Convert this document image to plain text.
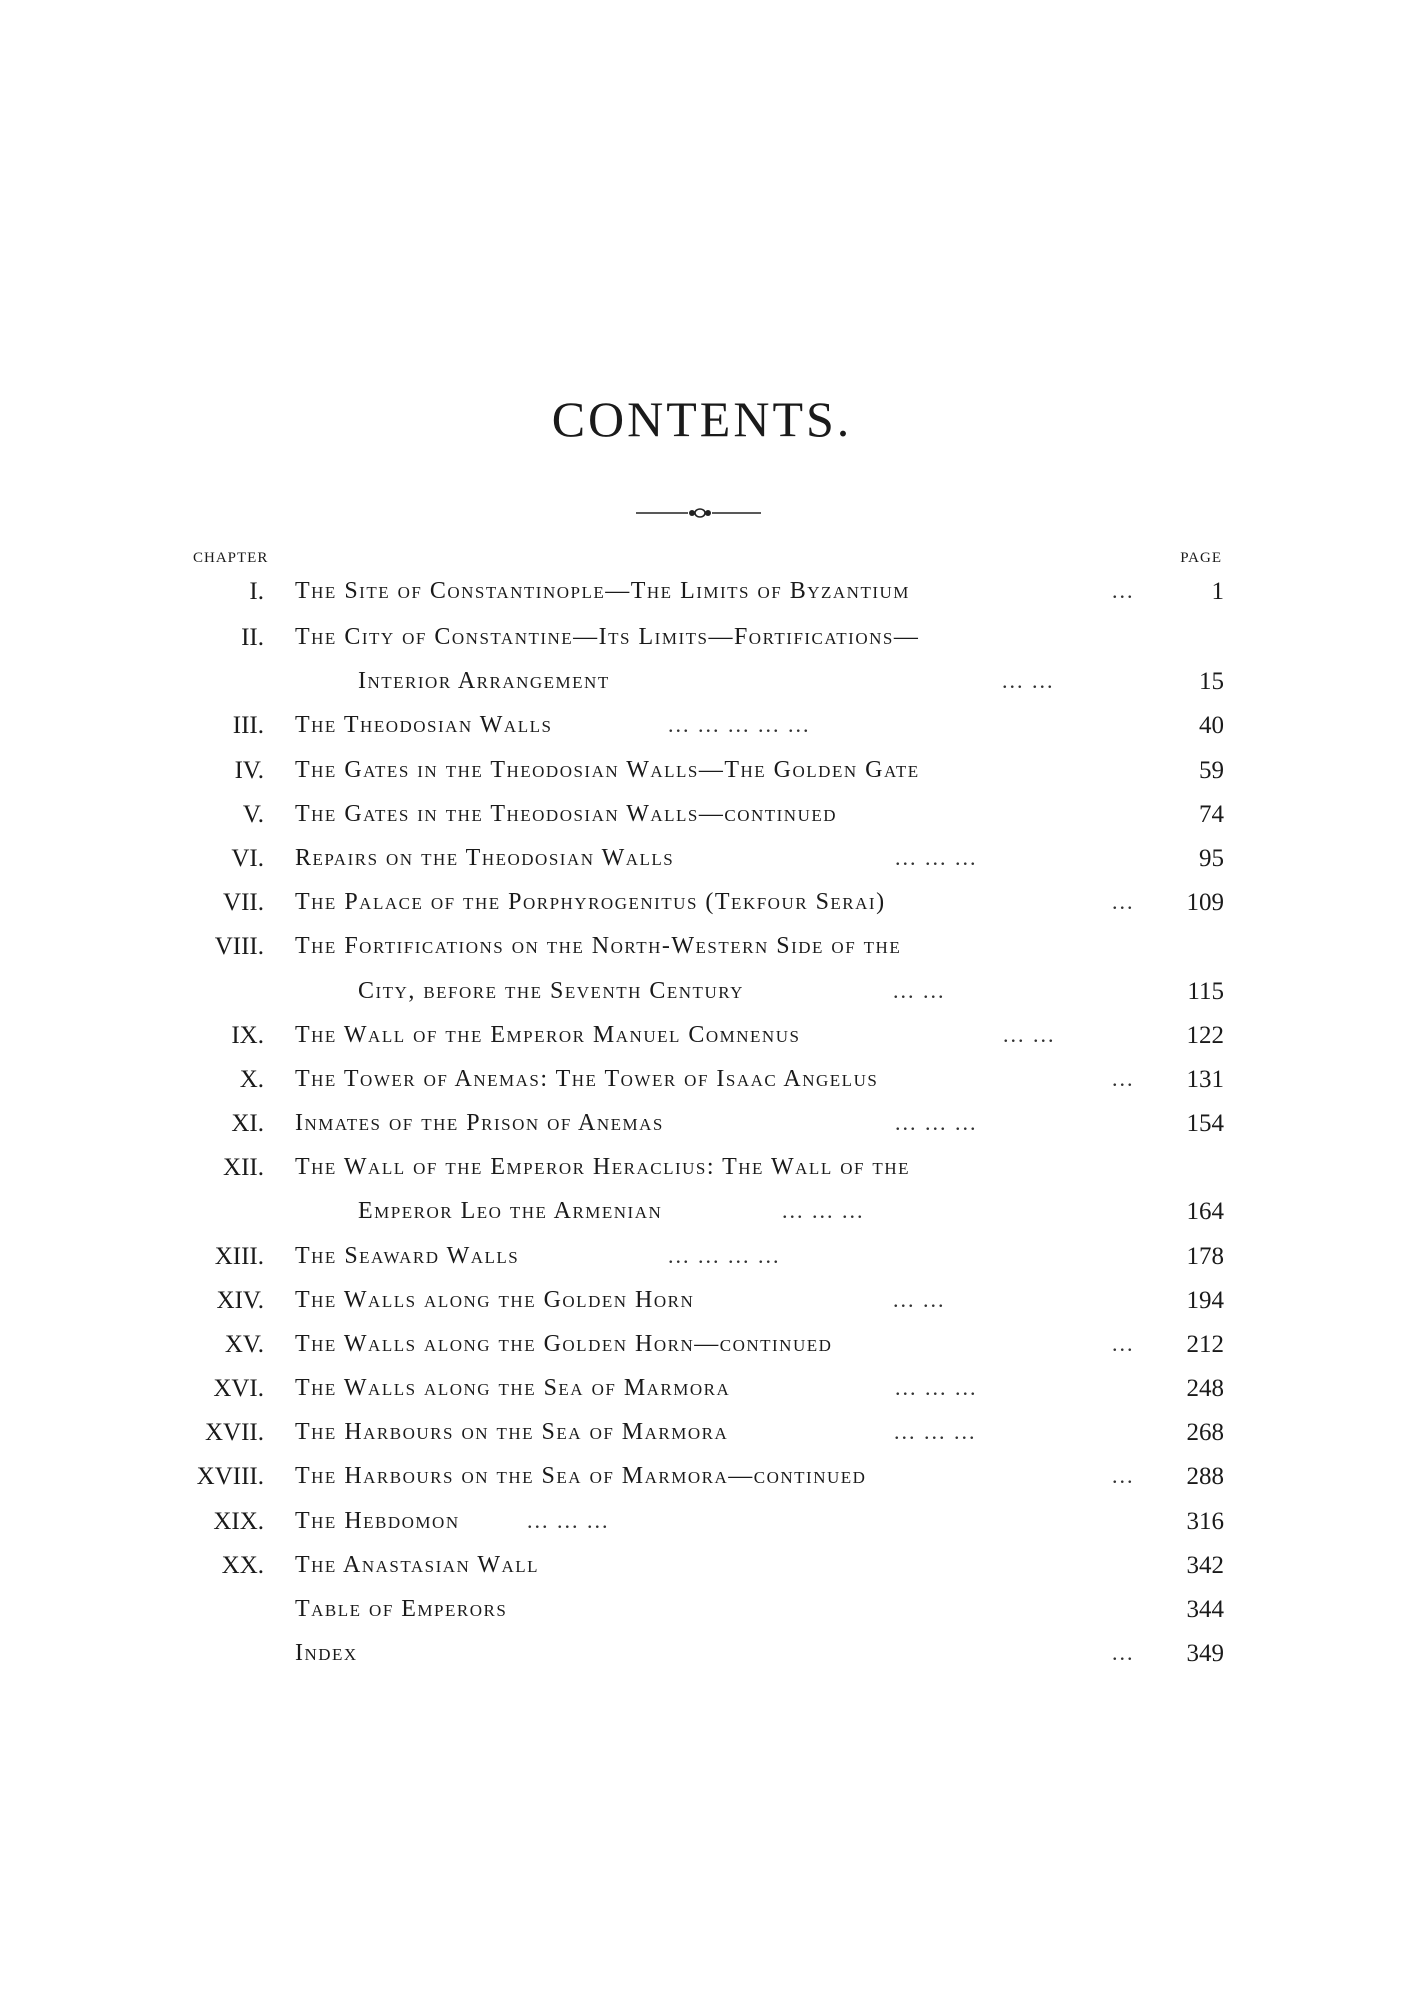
CONTENTS.
CHAPTER	PAGE
I. The Site of Constantinople—The Limits of Byzantium	...	1
II. The City of Constantine—Its Limits—Fortifications—
Interior Arrangement	... ...	15
III. The Theodosian Walls	... ... ... ... ...	40
IV. The Gates in the Theodosian Walls—The Golden Gate	59
V. The Gates in the Theodosian Walls—continued	74
VI. Repairs on the Theodosian Walls	... ... ...	95
VII. The Palace of the Porphyrogenitus (Tekfour Serai)	... 109
VIII. The Fortifications on the North-Western Side of the
City, before the Seventh Century	... ...	115
IX. The Wall of the Emperor Manuel Comnenus	... ...	122
X. The Tower of Anemas: The Tower of Isaac Angelus	... 131
XI. Inmates of the Prison of Anemas	... ... ...	154
XII. The Wall of the Emperor Heraclius: The Wall of the
Emperor Leo the Armenian	... ... ...	164
XIII. The Seaward Walls	... ... ... ...	178
XIV. The Walls along the Golden Horn	... ...	194
XV. The Walls along the Golden Horn—continued	... 212
XVI. The Walls along the Sea of Marmora	... ... ...	248
XVII. The Harbours on the Sea of Marmora	... ... ...	268
XVIII. The Harbours on the Sea of Marmora—continued	... 288
XIX. The Hebdomon	... ... ...	316
XX. The Anastasian Wall	342
Table of Emperors	344
Index	... 349
